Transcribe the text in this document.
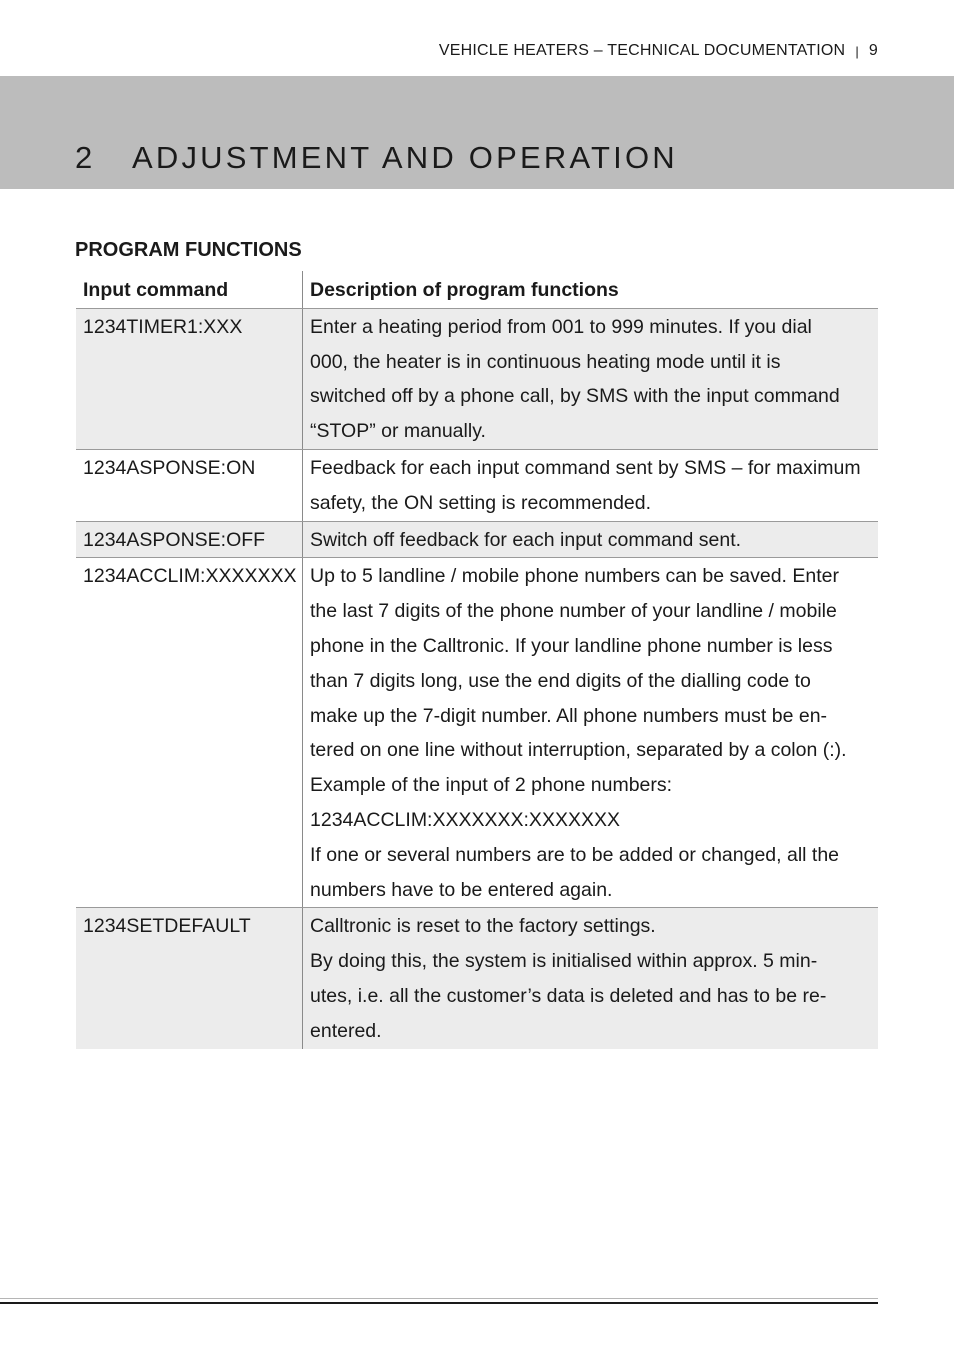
VEHICLE HEATERS – TECHNICAL DOCUMENTATION | 9
2 ADJUSTMENT AND OPERATION
PROGRAM FUNCTIONS
Input command	Description of program functions
1234TIMER1:XXX	Enter a heating period from 001 to 999 minutes. If you dial
000, the heater is in continuous heating mode until it is
switched off by a phone call, by SMS with the input command
“STOP” or manually.
1234ASPONSE:ON	Feedback for each input command sent by SMS – for maximum
safety, the ON setting is recommended.
1234ASPONSE:OFF	Switch off feedback for each input command sent.
1234ACCLIM:XXXXXXX Up to 5 landline / mobile phone numbers can be saved. Enter
the last 7 digits of the phone number of your landline / mobile
phone in the Calltronic. If your landline phone number is less
than 7 digits long, use the end digits of the dialling code to
make up the 7-digit number. All phone numbers must be en-
tered on one line without interruption, separated by a colon (:).
Example of the input of 2 phone numbers:
1234ACCLIM:XXXXXXX:XXXXXXX
If one or several numbers are to be added or changed, all the
numbers have to be entered again.
1234SETDEFAULT	Calltronic is reset to the factory settings.
By doing this, the system is initialised within approx. 5 min-
utes, i.e. all the customer’s data is deleted and has to be re-
entered.
